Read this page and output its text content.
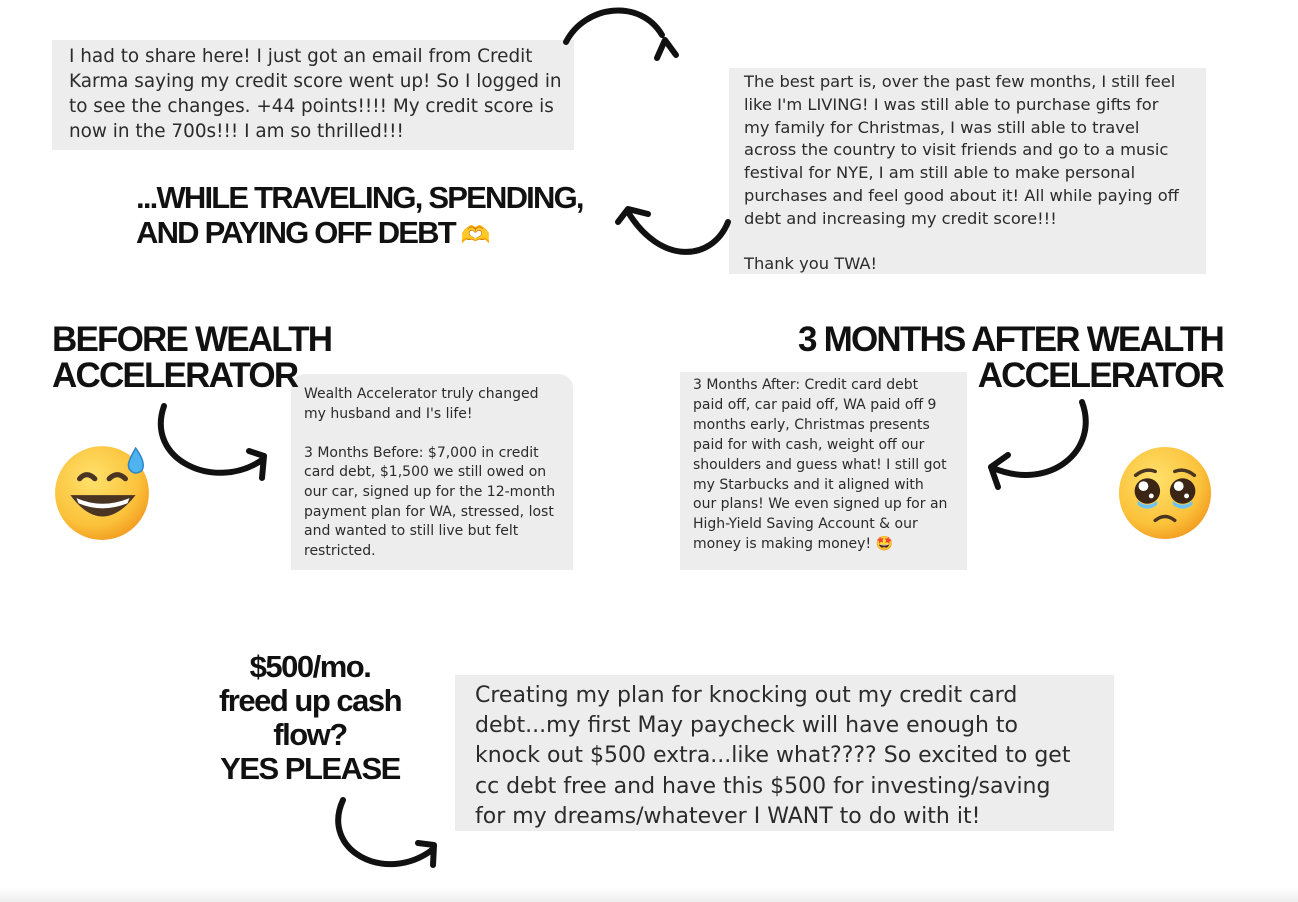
I had to share here! I just got an email from Credit
Karma saying my credit score went up! So I logged in
to see the changes. +44 points!!!! My credit score is
now in the 700s!!! I am so thrilled!!!
The best part is, over the past few months, I still feel
like I'm LIVING! I was still able to purchase gifts for
my family for Christmas, I was still able to travel
across the country to visit friends and go to a music
festival for NYE, I am still able to make personal
purchases and feel good about it! All while paying off
debt and increasing my credit score!!!

Thank you TWA!
Wealth Accelerator truly changed
my husband and I's life!

3 Months Before: $7,000 in credit
card debt, $1,500 we still owed on
our car, signed up for the 12-month
payment plan for WA, stressed, lost
and wanted to still live but felt
restricted.
3 Months After: Credit card debt
paid off, car paid off, WA paid off 9
months early, Christmas presents
paid for with cash, weight off our
shoulders and guess what! I still got
my Starbucks and it aligned with
our plans! We even signed up for an
High-Yield Saving Account & our
money is making money! 🤩
Creating my plan for knocking out my credit card
debt...my first May paycheck will have enough to
knock out $500 extra...like what???? So excited to get
cc debt free and have this $500 for investing/saving
for my dreams/whatever I WANT to do with it!
...WHILE TRAVELING, SPENDING,
AND PAYING OFF DEBT 🫶
BEFORE WEALTH
ACCELERATOR
3 MONTHS AFTER WEALTH
ACCELERATOR
$500/mo.
freed up cash
flow?
YES PLEASE
